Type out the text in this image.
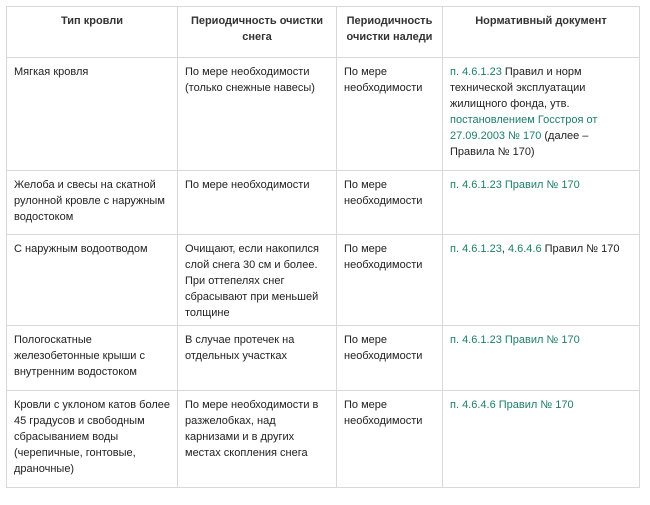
Тип кровли	Периодичность очистки снега	Периодичность очистки наледи	Нормативный документ
Мягкая кровля	По мере необходимости (только снежные навесы)	По мере необходимости	п. 4.6.1.23 Правил и норм технической эксплуатации жилищного фонда, утв. постановлением Госстроя от 27.09.2003 № 170 (далее – Правила № 170)
Желоба и свесы на скатной рулонной кровле с наружным водостоком	По мере необходимости	По мере необходимости	п. 4.6.1.23 Правил № 170
С наружным водоотводом	Очищают, если накопился слой снега 30 см и более. При оттепелях снег сбрасывают при меньшей толщине	По мере необходимости	п. 4.6.1.23, 4.6.4.6 Правил № 170
Пологоскатные железобетонные крыши с внутренним водостоком	В случае протечек на отдельных участках	По мере необходимости	п. 4.6.1.23 Правил № 170
Кровли с уклоном катов более 45 градусов и свободным сбрасыванием воды (черепичные, гонтовые, драночные)	По мере необходимости в разжелобках, над карнизами и в других местах скопления снега	По мере необходимости	п. 4.6.4.6 Правил № 170
